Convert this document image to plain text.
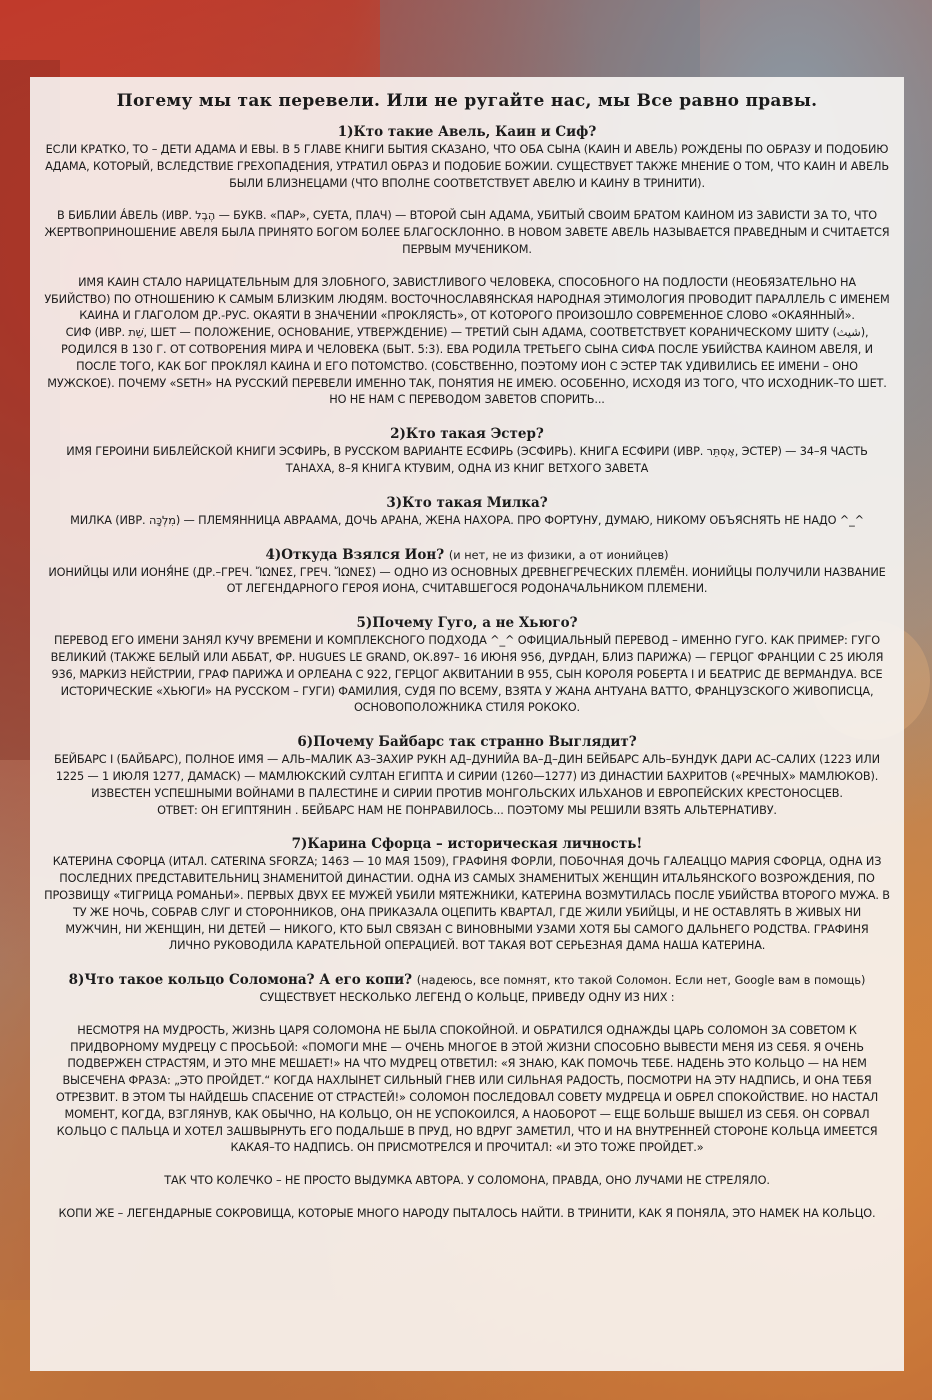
Погему мы так перевели. Или не ругайте нас, мы Все равно правы.
1)Кто такие Авель, Каин и Сиф?

ЕСЛИ КРАТКО, ТО – ДЕТИ АДАМА И ЕВЫ. В 5 ГЛАВЕ КНИГИ БЫТИЯ СКАЗАНО, ЧТО ОБА СЫНА (КАИН И АВЕЛЬ) РОЖДЕНЫ ПО ОБРАЗУ И ПОДОБИЮ АДАМА, КОТОРЫЙ, ВСЛЕДСТВИЕ ГРЕХОПАДЕНИЯ, УТРАТИЛ ОБРАЗ И ПОДОБИЕ БОЖИИ. СУЩЕСТВУЕТ ТАКЖЕ МНЕНИЕ О ТОМ, ЧТО КАИН И АВЕЛЬ БЫЛИ БЛИЗНЕЦАМИ (ЧТО ВПОЛНЕ СООТВЕТСТВУЕТ АВЕЛЮ И КАИНУ В ТРИНИТИ).

В БИБЛИИ ÁВЕЛЬ (ИВР. הֶבֶל — БУКВ. «ПАР», СУЕТА, ПЛАЧ) — ВТОРОЙ СЫН АДАМА, УБИТЫЙ СВОИМ БРАТОМ КАИНОМ ИЗ ЗАВИСТИ ЗА ТО, ЧТО ЖЕРТВОПРИНОШЕНИЕ АВЕЛЯ БЫЛА ПРИНЯТО БОГОМ БОЛЕЕ БЛАГОСКЛОННО. В НОВОМ ЗАВЕТЕ АВЕЛЬ НАЗЫВАЕТСЯ ПРАВЕДНЫМ И СЧИТАЕТСЯ ПЕРВЫМ МУЧЕНИКОМ.

ИМЯ КАИН СТАЛО НАРИЦАТЕЛЬНЫМ ДЛЯ ЗЛОБНОГО, ЗАВИСТЛИВОГО ЧЕЛОВЕКА, СПОСОБНОГО НА ПОДЛОСТИ (НЕОБЯЗАТЕЛЬНО НА УБИЙСТВО) ПО ОТНОШЕНИЮ К САМЫМ БЛИЗКИМ ЛЮДЯМ. ВОСТОЧНОСЛАВЯНСКАЯ НАРОДНАЯ ЭТИМОЛОГИЯ ПРОВОДИТ ПАРАЛЛЕЛЬ С ИМЕНЕМ КАИНА И ГЛАГОЛОМ ДР.-РУС. ОКАЯТИ В ЗНАЧЕНИИ «ПРОКЛЯСТЬ», ОТ КОТОРОГО ПРОИЗОШЛО СОВРЕМЕННОЕ СЛОВО «ОКАЯННЫЙ».

СИФ (ИВР. שֵׁת, ШЕТ — ПОЛОЖЕНИЕ, ОСНОВАНИЕ, УТВЕРЖДЕНИЕ) — ТРЕТИЙ СЫН АДАМА, СООТВЕТСТВУЕТ КОРАНИЧЕСКОМУ ШИТУ (شيث), РОДИЛСЯ В 130 Г. ОТ СОТВОРЕНИЯ МИРА И ЧЕЛОВЕКА (БЫТ. 5:3). ЕВА РОДИЛА ТРЕТЬЕГО СЫНА СИФА ПОСЛЕ УБИЙСТВА КАИНОМ АВЕЛЯ, И ПОСЛЕ ТОГО, КАК БОГ ПРОКЛЯЛ КАИНА И ЕГО ПОТОМСТВО. (СОБСТВЕННО, ПОЭТОМУ ИОН С ЭСТЕР ТАК УДИВИЛИСЬ ЕЕ ИМЕНИ – ОНО МУЖСКОЕ). ПОЧЕМУ «SETH» НА РУССКИЙ ПЕРЕВЕЛИ ИМЕННО ТАК, ПОНЯТИЯ НЕ ИМЕЮ. ОСОБЕННО, ИСХОДЯ ИЗ ТОГО, ЧТО ИСХОДНИК–ТО ШЕТ. НО НЕ НАМ С ПЕРЕВОДОМ ЗАВЕТОВ СПОРИТЬ...

2)Кто такая Эстер?

ИМЯ ГЕРОИНИ БИБЛЕЙСКОЙ КНИГИ ЭСФИРЬ, В РУССКОМ ВАРИАНТЕ ЕСФИРЬ (ЭСФИРЬ). КНИГА ЕСФИРИ (ИВР. אֶסְתֵּר, ЭСТЕР) — 34–Я ЧАСТЬ ТАНАХА, 8–Я КНИГА КТУВИМ, ОДНА ИЗ КНИГ ВЕТХОГО ЗАВЕТА

3)Кто такая Милка?

МИЛКА (ИВР. מִלְכָּה) — ПЛЕМЯННИЦА АВРААМА, ДОЧЬ АРАНА, ЖЕНА НАХОРА. ПРО ФОРТУНУ, ДУМАЮ, НИКОМУ ОБЪЯСНЯТЬ НЕ НАДО ^_^

4)Откуда Взялся Ион? (и нет, не из физики, а от ионийцев)

ИОНИЙЦЫ ИЛИ ИОНЯ́НЕ (ДР.–ГРЕЧ. ἼΩΝΕΣ, ГРЕЧ. ἼΩΝΕΣ) — ОДНО ИЗ ОСНОВНЫХ ДРЕВНЕГРЕЧЕСКИХ ПЛЕМЁН. ИОНИЙЦЫ ПОЛУЧИЛИ НАЗВАНИЕ ОТ ЛЕГЕНДАРНОГО ГЕРОЯ ИОНА, СЧИТАВШЕГОСЯ РОДОНАЧАЛЬНИКОМ ПЛЕМЕНИ.

5)Почему Гуго, а не Хьюго?

ПЕРЕВОД ЕГО ИМЕНИ ЗАНЯЛ КУЧУ ВРЕМЕНИ И КОМПЛЕКСНОГО ПОДХОДА ^_^ ОФИЦИАЛЬНЫЙ ПЕРЕВОД – ИМЕННО ГУГО. КАК ПРИМЕР: ГУГО ВЕЛИКИЙ (ТАКЖЕ БЕЛЫЙ ИЛИ АББАТ, ФР. HUGUES LE GRAND, ОК.897– 16 ИЮНЯ 956, ДУРДАН, БЛИЗ ПАРИЖА) — ГЕРЦОГ ФРАНЦИИ С 25 ИЮЛЯ 936, МАРКИЗ НЕЙСТРИИ, ГРАФ ПАРИЖА И ОРЛЕАНА С 922, ГЕРЦОГ АКВИТАНИИ В 955, СЫН КОРОЛЯ РОБЕРТА I И БЕАТРИС ДЕ ВЕРМАНДУА. ВСЕ ИСТОРИЧЕСКИЕ «ХЬЮГИ» НА РУССКОМ – ГУГИ) ФАМИЛИЯ, СУДЯ ПО ВСЕМУ, ВЗЯТА У ЖАНА АНТУАНА ВАТТО, ФРАНЦУЗСКОГО ЖИВОПИСЦА, ОСНОВОПОЛОЖНИКА СТИЛЯ РОКОКО.

6)Почему Байбарс так странно Выглядит?

БЕЙБАРС I (БАЙБАРС), ПОЛНОЕ ИМЯ — АЛЬ–МАЛИК АЗ–ЗАХИР РУКН АД–ДУНИЙА ВА–Д–ДИН БЕЙБАРС АЛЬ–БУНДУК ДАРИ АС–САЛИХ (1223 ИЛИ 1225 — 1 ИЮЛЯ 1277, ДАМАСК) — МАМЛЮКСКИЙ СУЛТАН ЕГИПТА И СИРИИ (1260—1277) ИЗ ДИНАСТИИ БАХРИТОВ («РЕЧНЫХ» МАМЛЮКОВ). ИЗВЕСТЕН УСПЕШНЫМИ ВОЙНАМИ В ПАЛЕСТИНЕ И СИРИИ ПРОТИВ МОНГОЛЬСКИХ ИЛЬХАНОВ И ЕВРОПЕЙСКИХ КРЕСТОНОСЦЕВ.

ОТВЕТ: ОН ЕГИПТЯНИН . БЕЙБАРС НАМ НЕ ПОНРАВИЛОСЬ... ПОЭТОМУ МЫ РЕШИЛИ ВЗЯТЬ АЛЬТЕРНАТИВУ.

7)Карина Сфорца – историческая личность!

КАТЕРИНА СФОРЦА (ИТАЛ. CATERINA SFORZA; 1463 — 10 МАЯ 1509), ГРАФИНЯ ФОРЛИ, ПОБОЧНАЯ ДОЧЬ ГАЛЕАЦЦО МАРИЯ СФОРЦА, ОДНА ИЗ ПОСЛЕДНИХ ПРЕДСТАВИТЕЛЬНИЦ ЗНАМЕНИТОЙ ДИНАСТИИ. ОДНА ИЗ САМЫХ ЗНАМЕНИТЫХ ЖЕНЩИН ИТАЛЬЯНСКОГО ВОЗРОЖДЕНИЯ, ПО ПРОЗВИЩУ «ТИГРИЦА РОМАНЬИ». ПЕРВЫХ ДВУХ ЕЕ МУЖЕЙ УБИЛИ МЯТЕЖНИКИ, КАТЕРИНА ВОЗМУТИЛАСЬ ПОСЛЕ УБИЙСТВА ВТОРОГО МУЖА. В ТУ ЖЕ НОЧЬ, СОБРАВ СЛУГ И СТОРОННИКОВ, ОНА ПРИКАЗАЛА ОЦЕПИТЬ КВАРТАЛ, ГДЕ ЖИЛИ УБИЙЦЫ, И НЕ ОСТАВЛЯТЬ В ЖИВЫХ НИ МУЖЧИН, НИ ЖЕНЩИН, НИ ДЕТЕЙ — НИКОГО, КТО БЫЛ СВЯЗАН С ВИНОВНЫМИ УЗАМИ ХОТЯ БЫ САМОГО ДАЛЬНЕГО РОДСТВА. ГРАФИНЯ ЛИЧНО РУКОВОДИЛА КАРАТЕЛЬНОЙ ОПЕРАЦИЕЙ. ВОТ ТАКАЯ ВОТ СЕРЬЕЗНАЯ ДАМА НАША КАТЕРИНА.

8)Что такое кольцо Соломона? А его копи? (надеюсь, все помнят, кто такой Соломон. Если нет, Google вам в помощь)

СУЩЕСТВУЕТ НЕСКОЛЬКО ЛЕГЕНД О КОЛЬЦЕ, ПРИВЕДУ ОДНУ ИЗ НИХ :

НЕСМОТРЯ НА МУДРОСТЬ, ЖИЗНЬ ЦАРЯ СОЛОМОНА НЕ БЫЛА СПОКОЙНОЙ. И ОБРАТИЛСЯ ОДНАЖДЫ ЦАРЬ СОЛОМОН ЗА СОВЕТОМ К ПРИДВОРНОМУ МУДРЕЦУ С ПРОСЬБОЙ: «ПОМОГИ МНЕ — ОЧЕНЬ МНОГОЕ В ЭТОЙ ЖИЗНИ СПОСОБНО ВЫВЕСТИ МЕНЯ ИЗ СЕБЯ. Я ОЧЕНЬ ПОДВЕРЖЕН СТРАСТЯМ, И ЭТО МНЕ МЕШАЕТ!» НА ЧТО МУДРЕЦ ОТВЕТИЛ: «Я ЗНАЮ, КАК ПОМОЧЬ ТЕБЕ. НАДЕНЬ ЭТО КОЛЬЦО — НА НЕМ ВЫСЕЧЕНА ФРАЗА: „ЭТО ПРОЙДЕТ.“ КОГДА НАХЛЫНЕТ СИЛЬНЫЙ ГНЕВ ИЛИ СИЛЬНАЯ РАДОСТЬ, ПОСМОТРИ НА ЭТУ НАДПИСЬ, И ОНА ТЕБЯ ОТРЕЗВИТ. В ЭТОМ ТЫ НАЙДЕШЬ СПАСЕНИЕ ОТ СТРАСТЕЙ!» СОЛОМОН ПОСЛЕДОВАЛ СОВЕТУ МУДРЕЦА И ОБРЕЛ СПОКОЙСТВИЕ. НО НАСТАЛ МОМЕНТ, КОГДА, ВЗГЛЯНУВ, КАК ОБЫЧНО, НА КОЛЬЦО, ОН НЕ УСПОКОИЛСЯ, А НАОБОРОТ — ЕЩЕ БОЛЬШЕ ВЫШЕЛ ИЗ СЕБЯ. ОН СОРВАЛ КОЛЬЦО С ПАЛЬЦА И ХОТЕЛ ЗАШВЫРНУТЬ ЕГО ПОДАЛЬШЕ В ПРУД, НО ВДРУГ ЗАМЕТИЛ, ЧТО И НА ВНУТРЕННЕЙ СТОРОНЕ КОЛЬЦА ИМЕЕТСЯ КАКАЯ–ТО НАДПИСЬ. ОН ПРИСМОТРЕЛСЯ И ПРОЧИТАЛ: «И ЭТО ТОЖЕ ПРОЙДЕТ.»

ТАК ЧТО КОЛЕЧКО – НЕ ПРОСТО ВЫДУМКА АВТОРА. У СОЛОМОНА, ПРАВДА, ОНО ЛУЧАМИ НЕ СТРЕЛЯЛО.

КОПИ ЖЕ – ЛЕГЕНДАРНЫЕ СОКРОВИЩА, КОТОРЫЕ МНОГО НАРОДУ ПЫТАЛОСЬ НАЙТИ. В ТРИНИТИ, КАК Я ПОНЯЛА, ЭТО НАМЕК НА КОЛЬЦО.
